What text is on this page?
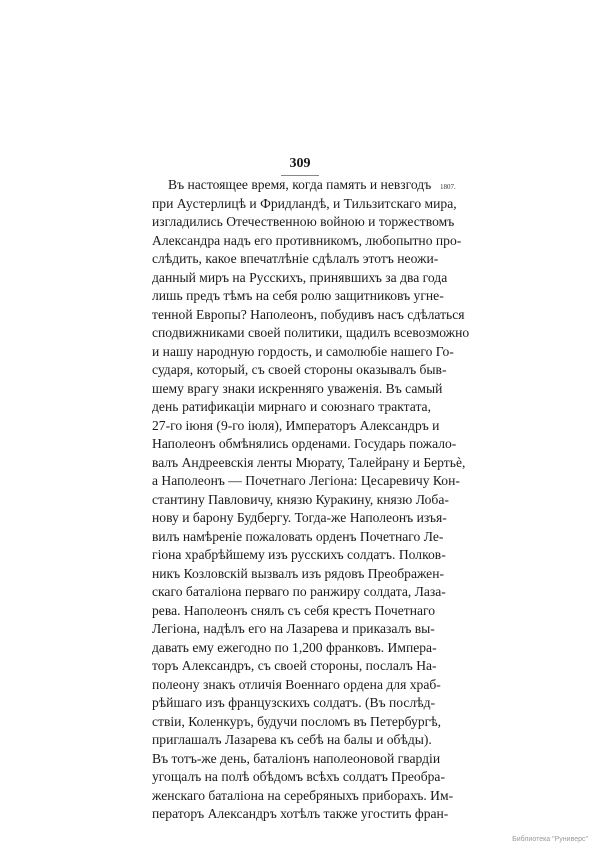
309
1807.
Въ настоящее время, когда память и невзгодъ
при Аустерлицѣ и Фридландѣ, и Тильзитскаго мира,
изгладились Отечественною войною и торжествомъ
Александра надъ его противникомъ, любопытно про-
слѣдить, какое впечатлѣніе сдѣлалъ этотъ неожи-
данный миръ на Русскихъ, принявшихъ за два года
лишь предъ тѣмъ на себя ролю защитниковъ угне-
тенной Европы? Наполеонъ, побудивъ насъ сдѣлаться
сподвижниками своей политики, щадилъ всевозможно
и нашу народную гордость, и самолюбіе нашего Го-
сударя, который, съ своей стороны оказывалъ быв-
шему врагу знаки искренняго уваженія. Въ самый
день ратификаціи мирнаго и союзнаго трактата,
27-го іюня (9-го іюля), Императоръ Александръ и
Наполеонъ обмѣнялись орденами. Государь пожало-
валъ Андреевскія ленты Мюрату, Талейрану и Бертьѐ,
а Наполеонъ — Почетнаго Легіона: Цесаревичу Кон-
стантину Павловичу, князю Куракину, князю Лоба-
нову и барону Будбергу. Тогда-же Наполеонъ изъя-
вилъ намѣреніе пожаловать орденъ Почетнаго Ле-
гіона храбрѣйшему изъ русскихъ солдатъ. Полков-
никъ Козловскій вызвалъ изъ рядовъ Преображен-
скаго баталіона перваго по ранжиру солдата, Лаза-
рева. Наполеонъ снялъ съ себя крестъ Почетнаго
Легіона, надѣлъ его на Лазарева и приказалъ вы-
давать ему ежегодно по 1,200 франковъ. Импера-
торъ Александръ, съ своей стороны, послалъ На-
полеону знакъ отличія Военнаго ордена для храб-
рѣйшаго изъ французскихъ солдатъ. (Въ послѣд-
ствіи, Коленкуръ, будучи посломъ въ Петербургѣ,
приглашалъ Лазарева къ себѣ на балы и обѣды).
Въ тотъ-же день, баталіонъ наполеоновой гвардіи
угощалъ на полѣ обѣдомъ всѣхъ солдатъ Преобра-
женскаго баталіона на серебряныхъ приборахъ. Им-
ператоръ Александръ хотѣлъ также угостить фран-
Библиотека "Руниверс"
